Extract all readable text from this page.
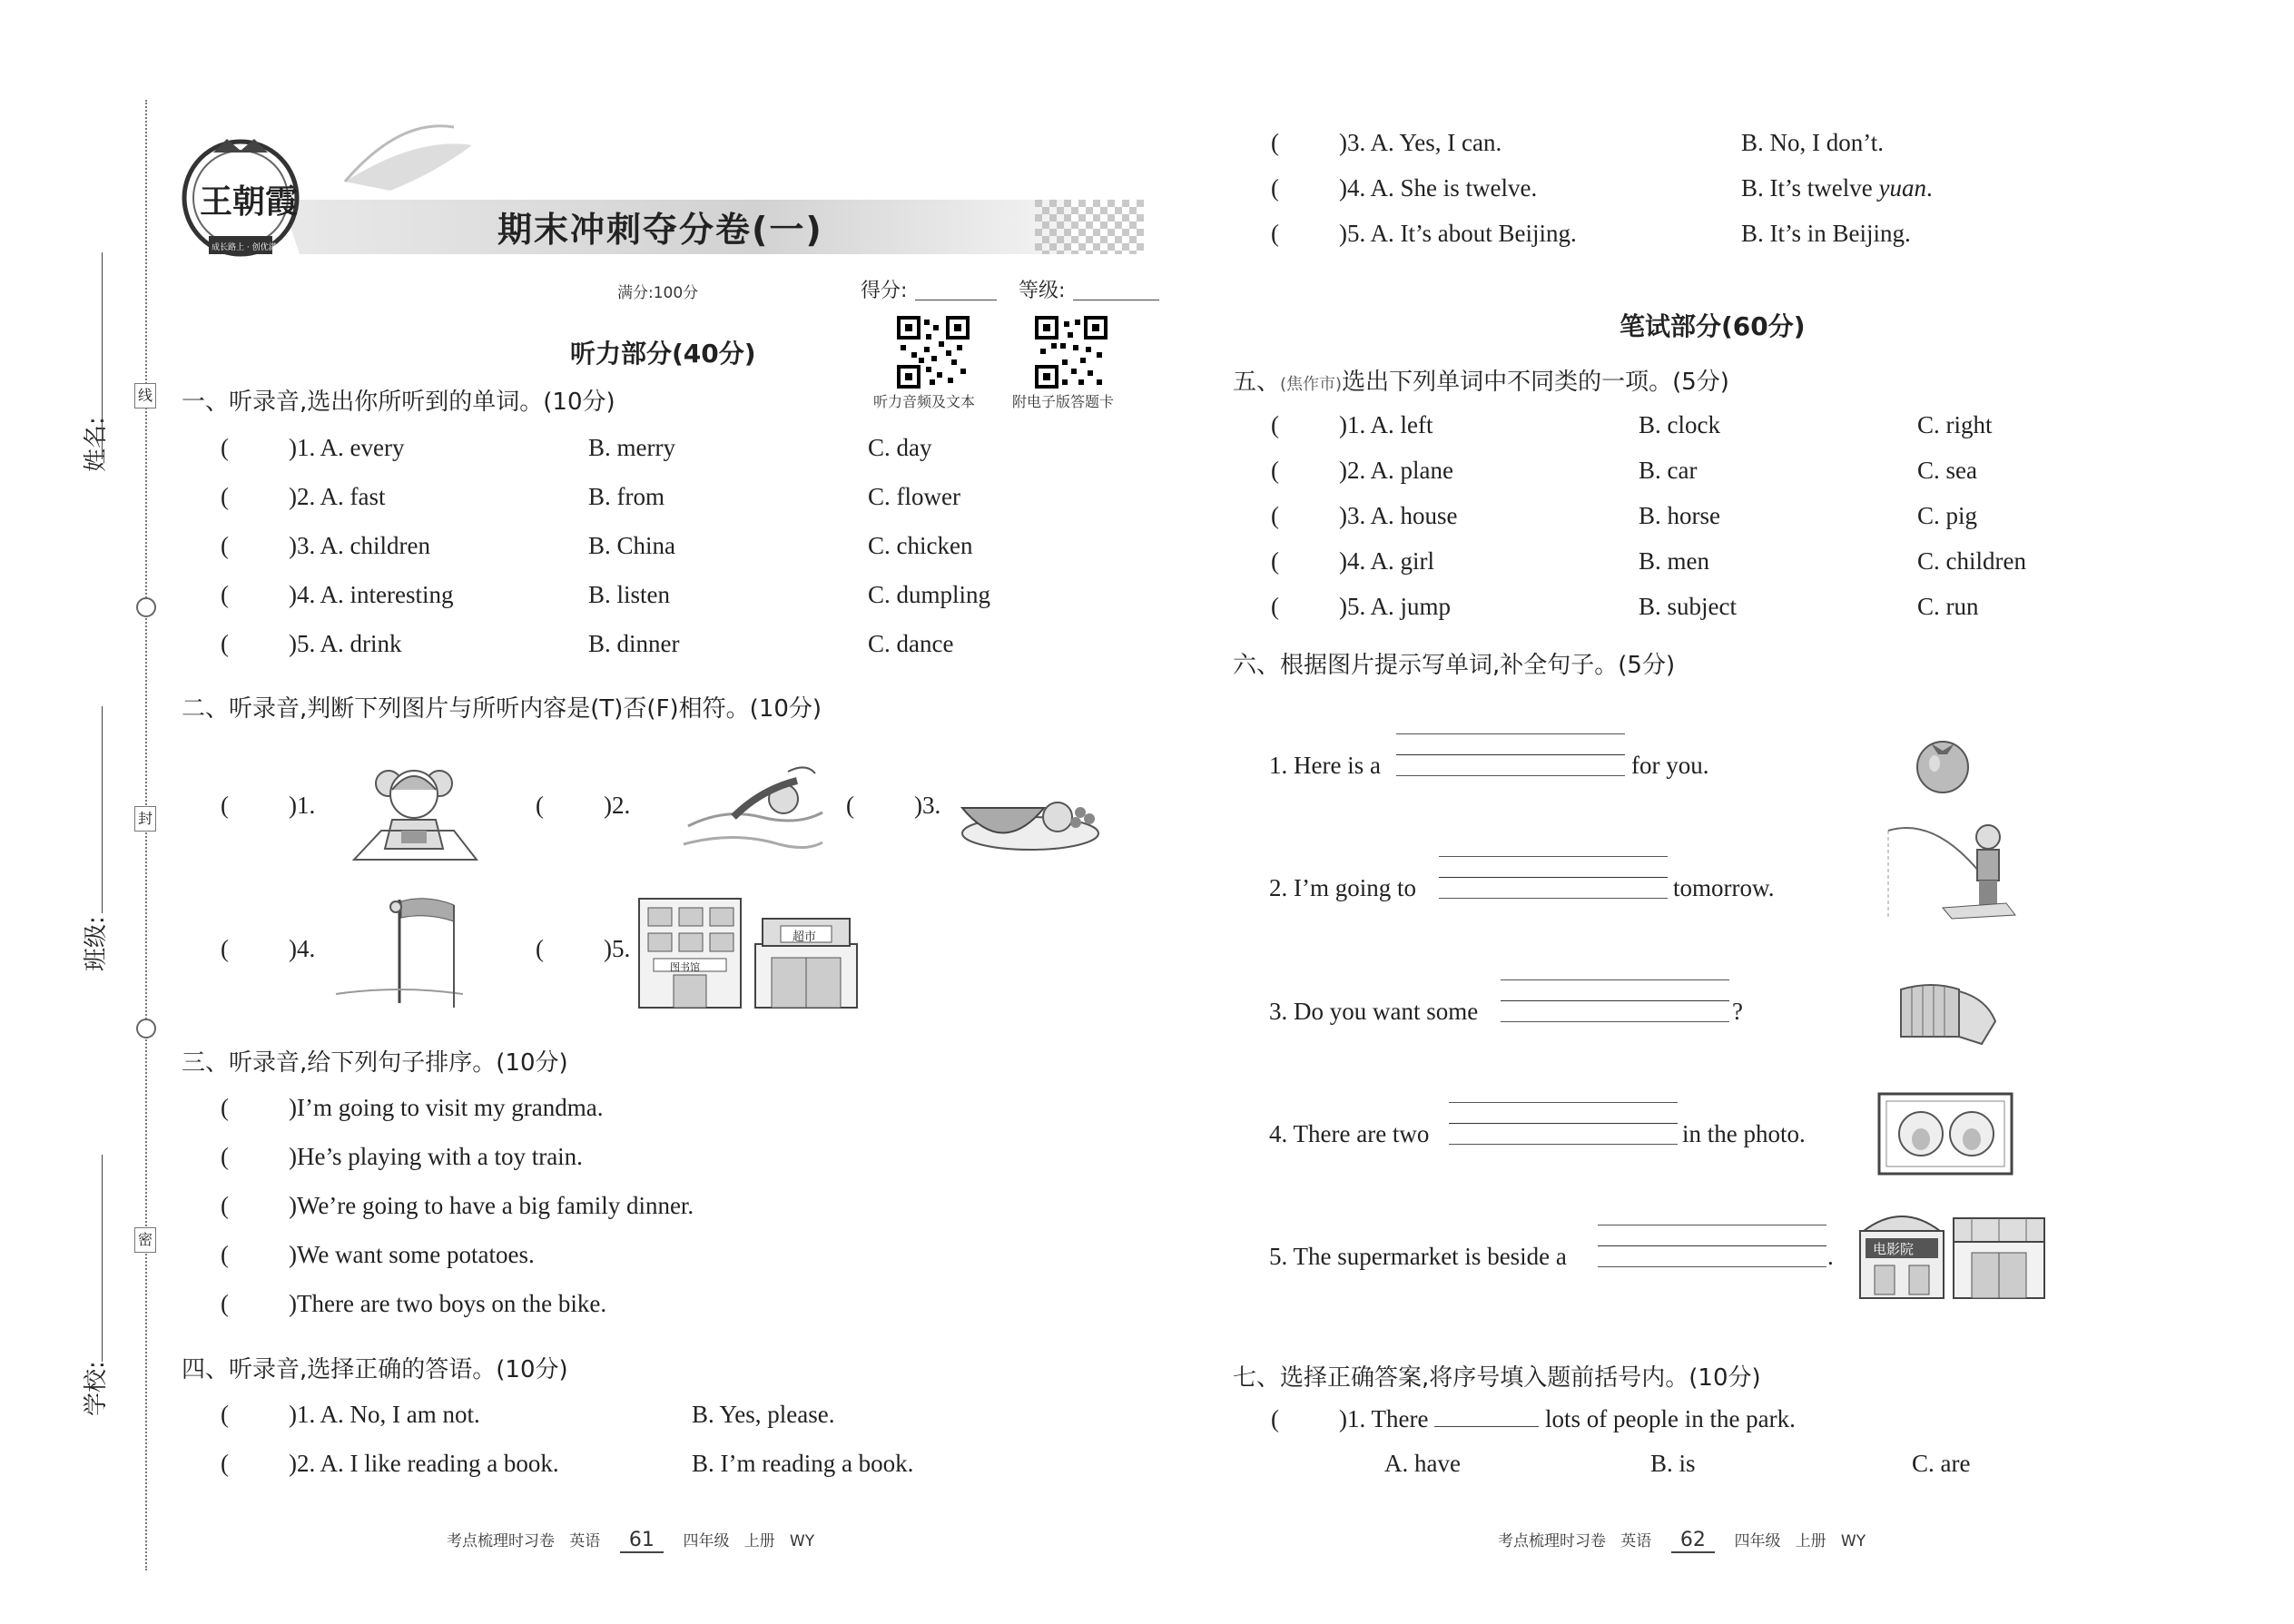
线
封
密
姓名:
班级:
学校:
王朝霞
成长路上 · 创优满分	期末冲刺夺分卷(一)
满分:100分	得分:	等级:
听力音频及文本	附电子版答题卡
听力部分(40分)
一、听录音,选出你所听到的单词。(10分)
( )1. A. every	B. merry	C. day
( )2. A. fast	B. from	C. flower
( )3. A. children	B. China	C. chicken
( )4. A. interesting	B. listen	C. dumpling
( )5. A. drink	B. dinner	C. dance
二、听录音,判断下列图片与所听内容是(T)否(F)相符。(10分)
( )1.	( )2.	( )3.
( )4.	( )5.
图书馆
超市
三、听录音,给下列句子排序。(10分)
( )I’m going to visit my grandma.
( )He’s playing with a toy train.
( )We’re going to have a big family dinner.
( )We want some potatoes.
( )There are two boys on the bike.
四、听录音,选择正确的答语。(10分)
( )1. A. No, I am not.	B. Yes, please.
( )2. A. I like reading a book.	B. I’m reading a book.
( )3. A. Yes, I can.	B. No, I don’t.
( )4. A. She is twelve.	B. It’s twelve yuan.
( )5. A. It’s about Beijing.	B. It’s in Beijing.
笔试部分(60分)
五、(焦作市)选出下列单词中不同类的一项。(5分)
( )1. A. left	B. clock	C. right
( )2. A. plane	B. car	C. sea
( )3. A. house	B. horse	C. pig
( )4. A. girl	B. men	C. children
( )5. A. jump	B. subject	C. run
六、根据图片提示写单词,补全句子。(5分)
1. Here is a	for you.
2. I’m going to	tomorrow.
3. Do you want some	?
4. There are two	in the photo.
5. The supermarket is beside a	.	电影院
七、选择正确答案,将序号填入题前括号内。(10分)
( )1. There	lots of people in the park.
A. have	B. is	C. are
考点梳理时习卷 英语 61 四年级 上册 WY	考点梳理时习卷 英语 62 四年级 上册 WY
